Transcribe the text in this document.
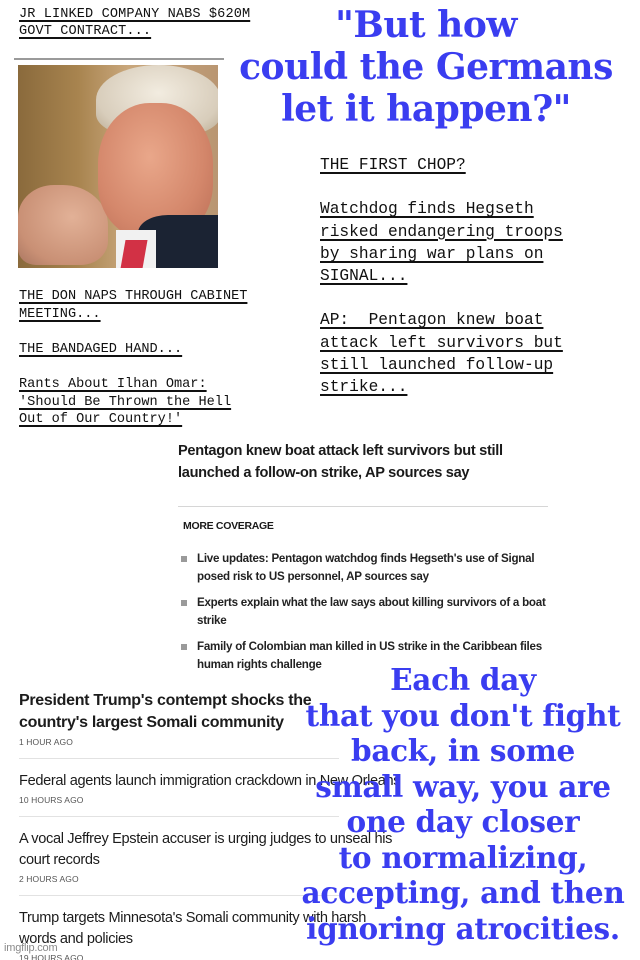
JR LINKED COMPANY NABS $620M
GOVT CONTRACT...	"But how
could the Germans
let it happen?"
THE FIRST CHOP?
Watchdog finds Hegseth
risked endangering troops
by sharing war plans on
SIGNAL...
AP:  Pentagon knew boat
attack left survivors but
still launched follow-up
strike...
THE DON NAPS THROUGH CABINET
MEETING...
THE BANDAGED HAND...
Rants About Ilhan Omar:
'Should Be Thrown the Hell
Out of Our Country!'
Pentagon knew boat attack left survivors but still
launched a follow-on strike, AP sources say
MORE COVERAGE
Live updates: Pentagon watchdog finds Hegseth's use of Signal
posed risk to US personnel, AP sources say
Experts explain what the law says about killing survivors of a boat
strike
Family of Colombian man killed in US strike in the Caribbean files
human rights challenge
President Trump's contempt shocks the
country's largest Somali community
1 HOUR AGO
Federal agents launch immigration crackdown in New Orleans
10 HOURS AGO
A vocal Jeffrey Epstein accuser is urging judges to unseal his
court records
2 HOURS AGO
Trump targets Minnesota's Somali community with harsh
words and policies
19 HOURS AGO
Each day
that you don't fight
back, in some
small way, you are
one day closer
to normalizing,
accepting, and then
ignoring atrocities.
imgflip.com
